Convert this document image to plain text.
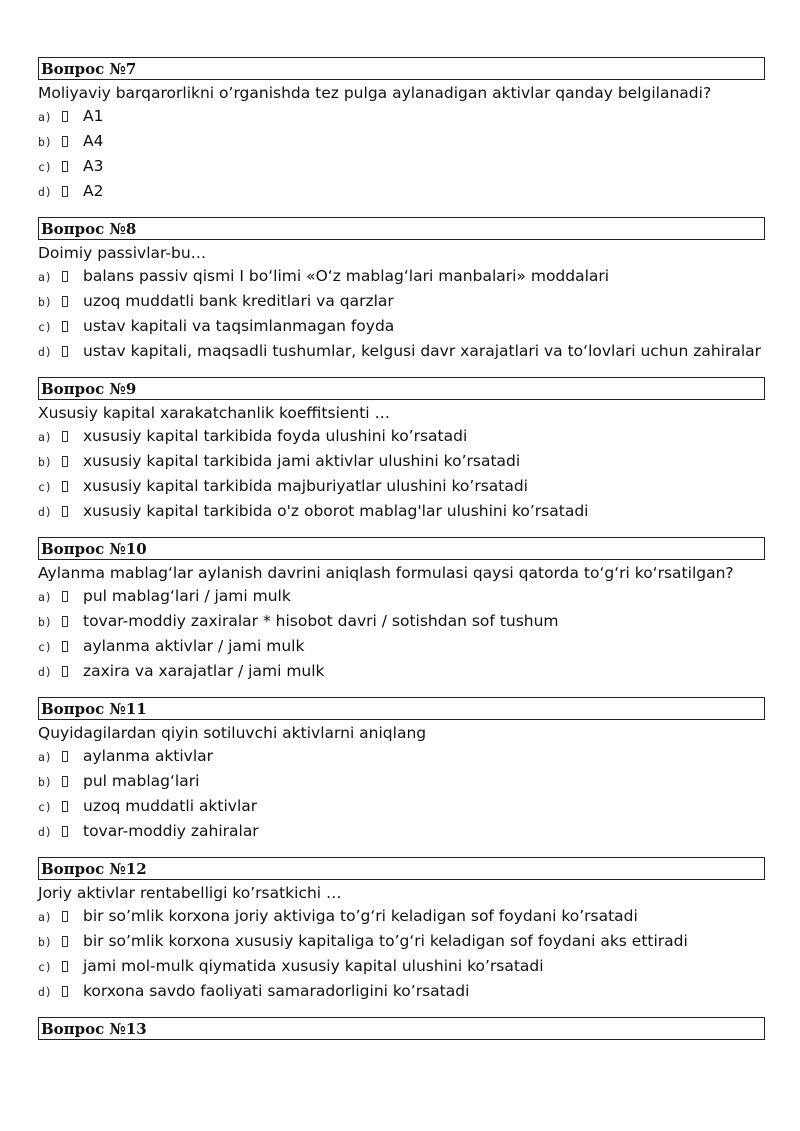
Вопрос №7
Moliyaviy barqarorlikni o’rganishda tez pulga aylanadigan aktivlar qanday belgilanadi?
a)	A1
b)	A4
c)	A3
d)	A2
Вопрос №8
Doimiy passivlar-bu…
a)	balans passiv qismi I bo‘limi «O‘z mablag‘lari manbalari» moddalari
b)	uzoq muddatli bank kreditlari va qarzlar
c)	ustav kapitali va taqsimlanmagan foyda
d)	ustav kapitali, maqsadli tushumlar, kelgusi davr xarajatlari va to‘lovlari uchun zahiralar
Вопрос №9
Xususiy kapital xarakatchanlik koeffitsienti …
a)	xususiy kapital tarkibida foyda ulushini ko’rsatadi
b)	xususiy kapital tarkibida jami aktivlar ulushini ko’rsatadi
c)	xususiy kapital tarkibida majburiyatlar ulushini ko’rsatadi
d)	xususiy kapital tarkibida o'z oborot mablag'lar ulushini ko’rsatadi
Вопрос №10
Aylanma mablag‘lar aylanish davrini aniqlash formulasi qaysi qatorda to‘g‘ri ko‘rsatilgan?
a)	pul mablag‘lari / jami mulk
b)	tovar-moddiy zaxiralar * hisobot davri / sotishdan sof tushum
c)	aylanma aktivlar / jami mulk
d)	zaxira va xarajatlar / jami mulk
Вопрос №11
Quyidagilardan qiyin sotiluvchi aktivlarni aniqlang
a)	aylanma aktivlar
b)	pul mablag‘lari
c)	uzoq muddatli aktivlar
d)	tovar-moddiy zahiralar
Вопрос №12
Joriy aktivlar rentabelligi ko’rsatkichi …
a)	bir so’mlik korxona joriy aktiviga to’g‘ri keladigan sof foydani ko’rsatadi
b)	bir so’mlik korxona xususiy kapitaliga to’g‘ri keladigan sof foydani aks ettiradi
c)	jami mol-mulk qiymatida xususiy kapital ulushini ko’rsatadi
d)	korxona savdo faoliyati samaradorligini ko’rsatadi
Вопрос №13
